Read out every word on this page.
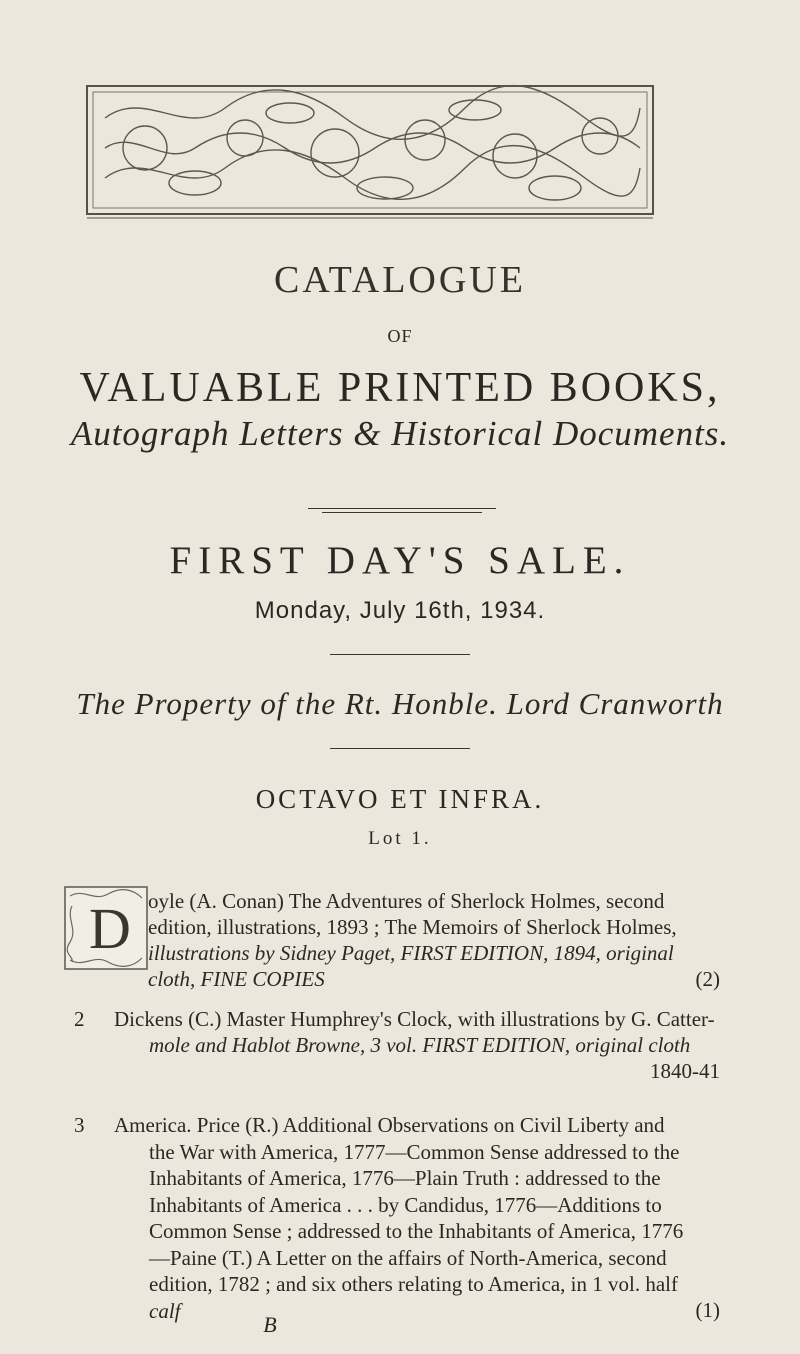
CATALOGUE
OF
VALUABLE PRINTED BOOKS,
Autograph Letters & Historical Documents.
FIRST DAY'S SALE.
Monday, July 16th, 1934.
The Property of the Rt. Honble. Lord Cranworth
OCTAVO ET INFRA.
Lot 1.
D oyle (A. Conan) The Adventures of Sherlock Holmes, second
edition, illustrations, 1893 ; The Memoirs of Sherlock Holmes,
illustrations by Sidney Paget, FIRST EDITION, 1894, original
cloth, FINE COPIES	(2)
2 Dickens (C.) Master Humphrey's Clock, with illustrations by G. Catter-
mole and Hablot Browne, 3 vol. FIRST EDITION, original cloth
1840-41
3 America. Price (R.) Additional Observations on Civil Liberty and
the War with America, 1777—Common Sense addressed to the
Inhabitants of America, 1776—Plain Truth : addressed to the
Inhabitants of America . . . by Candidus, 1776—Additions to
Common Sense ; addressed to the Inhabitants of America, 1776
—Paine (T.) A Letter on the affairs of North-America, second
edition, 1782 ; and six others relating to America, in 1 vol. half
calf	(1)
B
